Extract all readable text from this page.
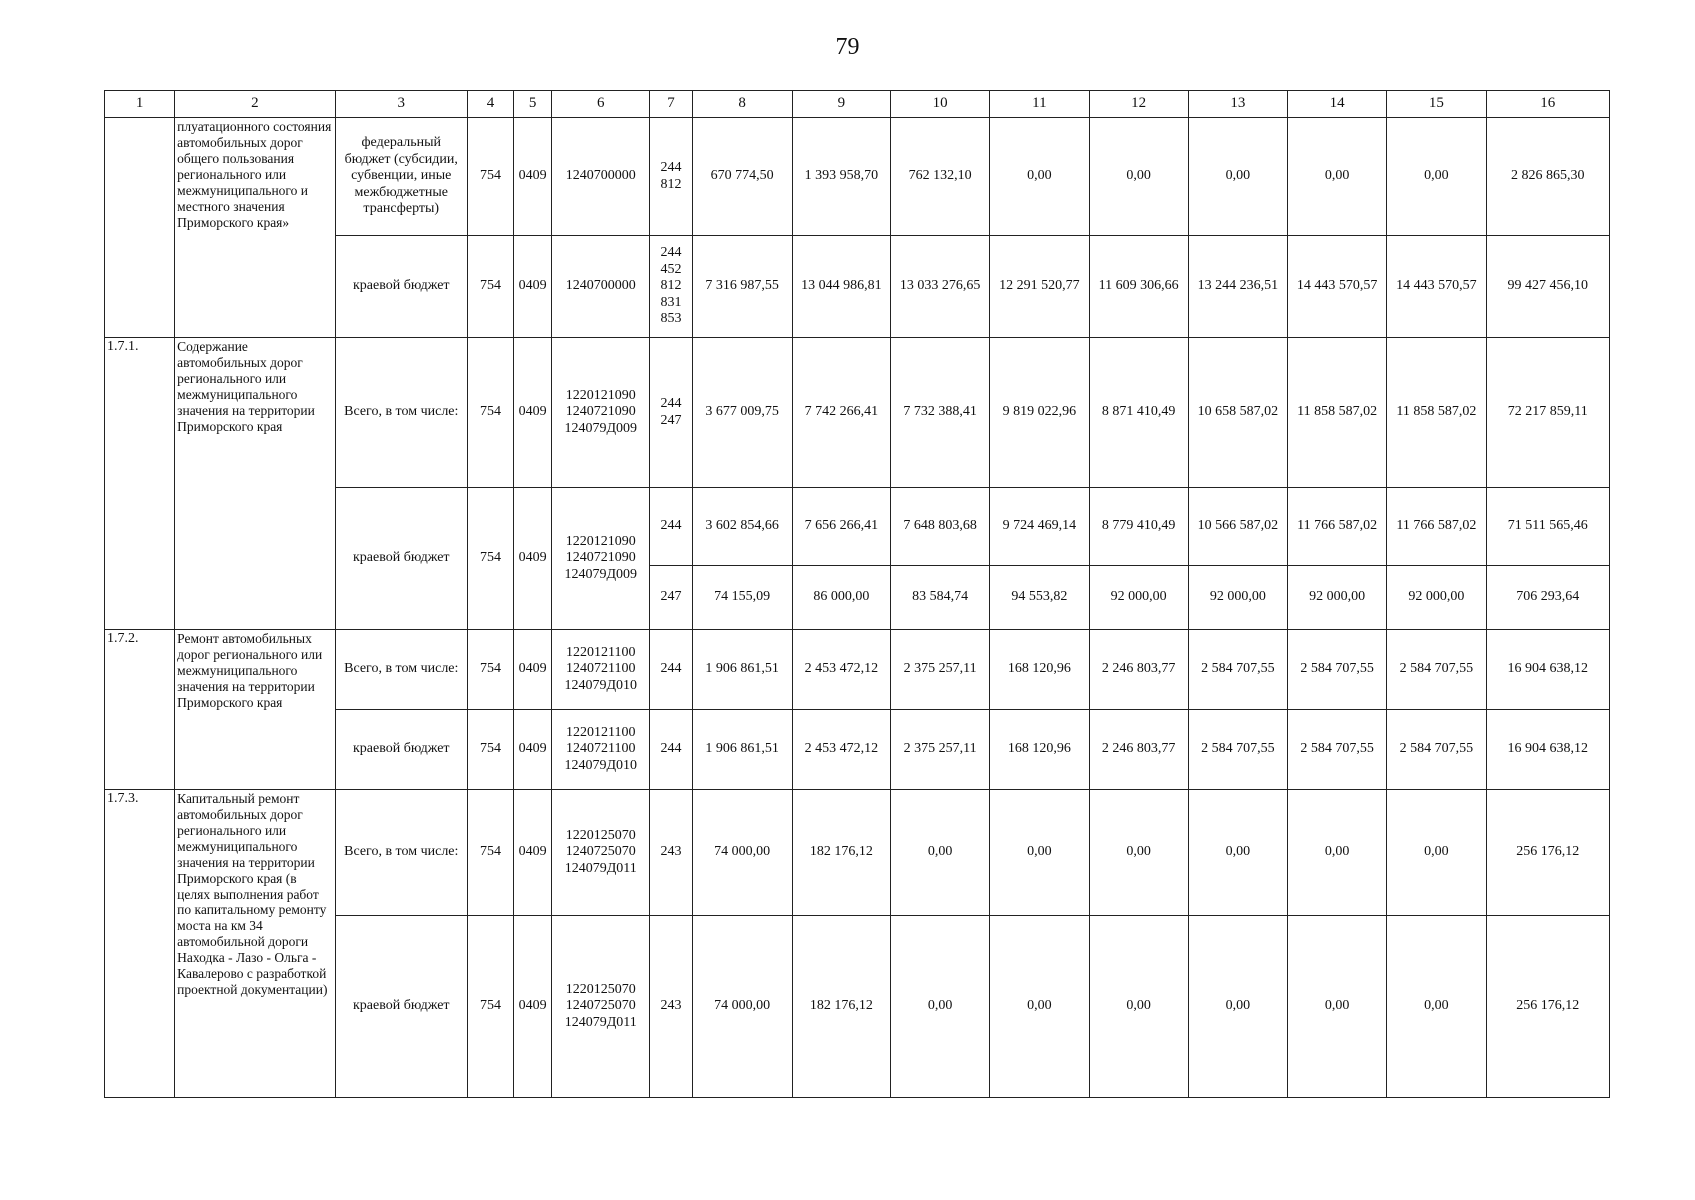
79
1	2	3	4	5	6	7	8	9	10	11	12	13	14	15	16
	плуатационного состояния автомобильных дорог общего пользования регионального или межмуниципального и местного значения Приморского края»	федеральный бюджет (субсидии, субвенции, иные межбюджетные трансферты)	754	0409	1240700000	244 812	670 774,50	1 393 958,70	762 132,10	0,00	0,00	0,00	0,00	0,00	2 826 865,30
		краевой бюджет	754	0409	1240700000	244 452 812 831 853	7 316 987,55	13 044 986,81	13 033 276,65	12 291 520,77	11 609 306,66	13 244 236,51	14 443 570,57	14 443 570,57	99 427 456,10
1.7.1.	Содержание автомобильных дорог регионального или межмуниципального значения на территории Приморского края	Всего, в том числе:	754	0409	1220121090 1240721090 124079Д009	244 247	3 677 009,75	7 742 266,41	7 732 388,41	9 819 022,96	8 871 410,49	10 658 587,02	11 858 587,02	11 858 587,02	72 217 859,11
		краевой бюджет	754	0409	1220121090 1240721090 124079Д009	244	3 602 854,66	7 656 266,41	7 648 803,68	9 724 469,14	8 779 410,49	10 566 587,02	11 766 587,02	11 766 587,02	71 511 565,46
						247	74 155,09	86 000,00	83 584,74	94 553,82	92 000,00	92 000,00	92 000,00	92 000,00	706 293,64
1.7.2.	Ремонт автомобильных дорог регионального или межмуниципального значения на территории Приморского края	Всего, в том числе:	754	0409	1220121100 1240721100 124079Д010	244	1 906 861,51	2 453 472,12	2 375 257,11	168 120,96	2 246 803,77	2 584 707,55	2 584 707,55	2 584 707,55	16 904 638,12
		краевой бюджет	754	0409	1220121100 1240721100 124079Д010	244	1 906 861,51	2 453 472,12	2 375 257,11	168 120,96	2 246 803,77	2 584 707,55	2 584 707,55	2 584 707,55	16 904 638,12
1.7.3.	Капитальный ремонт автомобильных дорог регионального или межмуниципального значения на территории Приморского края (в целях выполнения работ по капитальному ремонту моста на км 34 автомобильной дороги Находка - Лазо - Ольга - Кавалерово с разработкой проектной документации)	Всего, в том числе:	754	0409	1220125070 1240725070 124079Д011	243	74 000,00	182 176,12	0,00	0,00	0,00	0,00	0,00	0,00	256 176,12
		краевой бюджет	754	0409	1220125070 1240725070 124079Д011	243	74 000,00	182 176,12	0,00	0,00	0,00	0,00	0,00	0,00	256 176,12
